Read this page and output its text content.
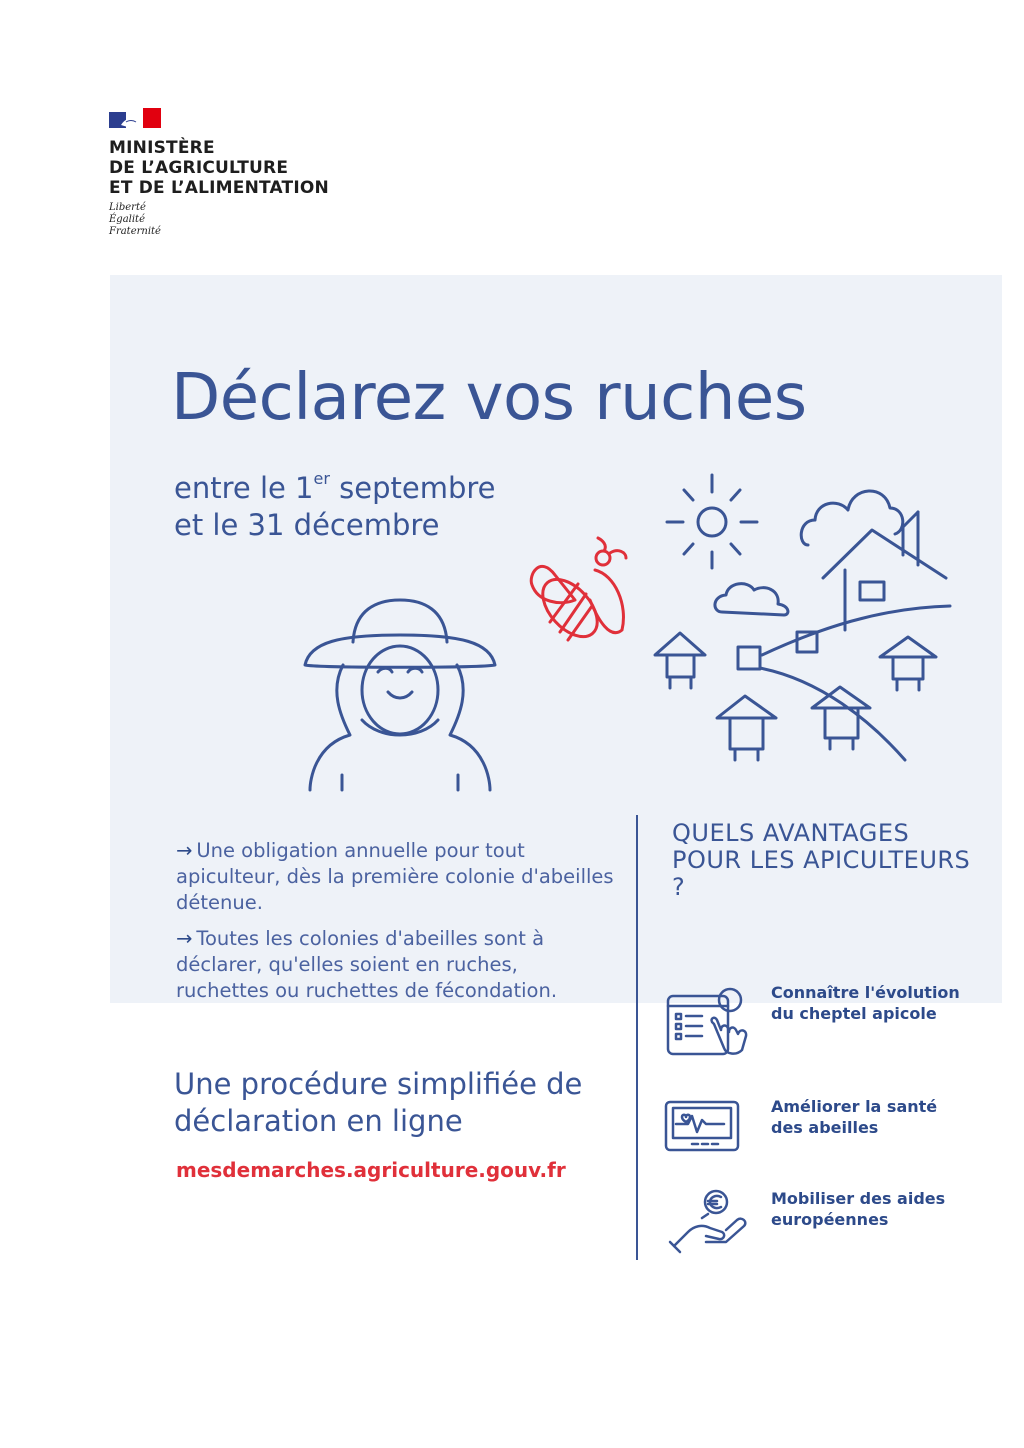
MINISTÈRE
DE L’AGRICULTURE
ET DE L’ALIMENTATION
Liberté
Égalité
Fraternité
Déclarez vos ruches
entre le 1er septembre
et le 31 décembre

→ Une obligation annuelle pour tout apiculteur, dès la première colonie d'abeilles détenue.

→ Toutes les colonies d'abeilles sont à déclarer, qu'elles soient en ruches, ruchettes ou ruchettes de fécondation.

Une procédure simplifiée de déclaration en ligne
mesdemarches.agriculture.gouv.fr
QUELS AVANTAGES POUR LES APICULTEURS ?
Connaître l'évolution du cheptel apicole
Améliorer la santé des abeilles
Mobiliser des aides européennes
